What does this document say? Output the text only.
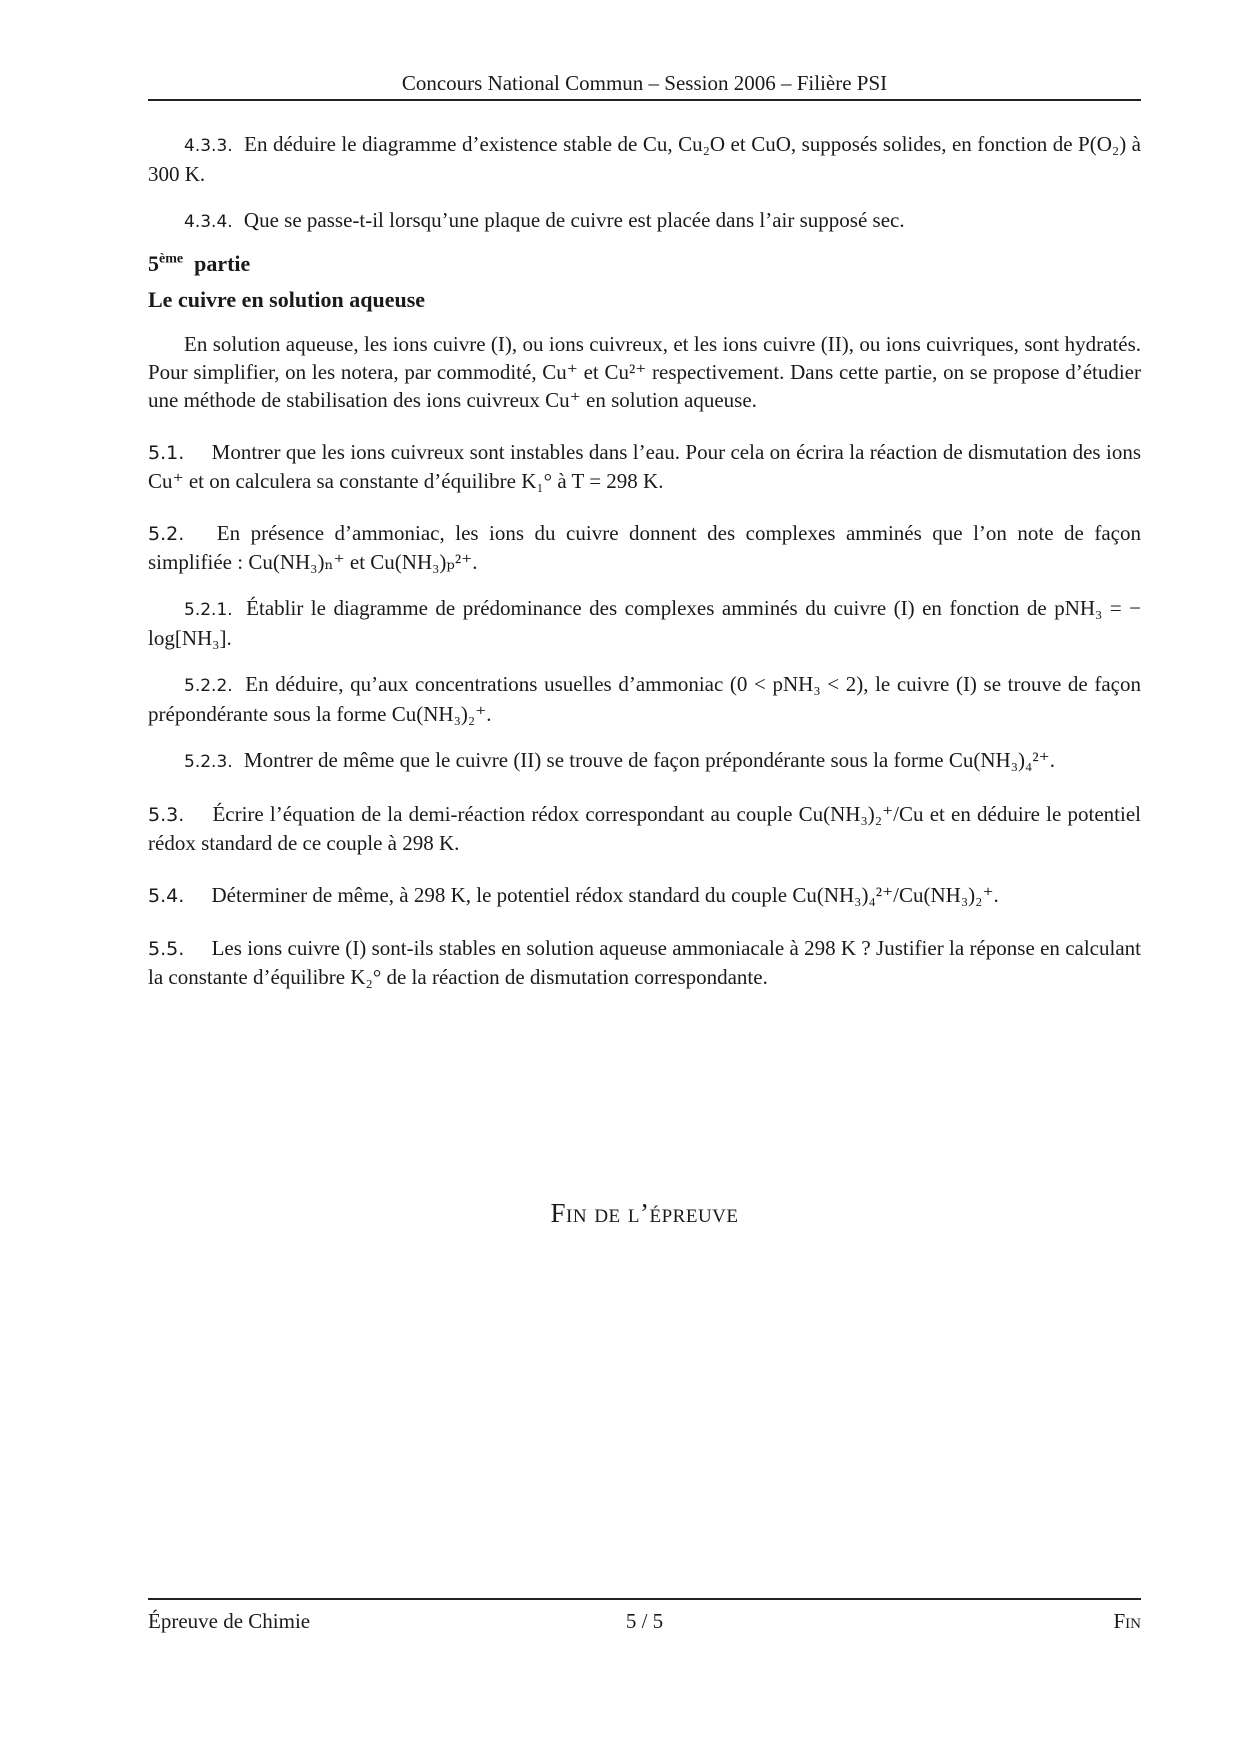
Concours National Commun – Session 2006 – Filière PSI

4.3.3. En déduire le diagramme d’existence stable de Cu, Cu₂O et CuO, supposés solides, en fonction de P(O₂) à 300 K.

4.3.4. Que se passe-t-il lorsqu’une plaque de cuivre est placée dans l’air supposé sec.

5ème partie

Le cuivre en solution aqueuse

En solution aqueuse, les ions cuivre (I), ou ions cuivreux, et les ions cuivre (II), ou ions cuivriques, sont hydratés. Pour simplifier, on les notera, par commodité, Cu⁺ et Cu²⁺ respectivement. Dans cette partie, on se propose d’étudier une méthode de stabilisation des ions cuivreux Cu⁺ en solution aqueuse.

5.1. Montrer que les ions cuivreux sont instables dans l’eau. Pour cela on écrira la réaction de dismutation des ions Cu⁺ et on calculera sa constante d’équilibre K₁° à T = 298 K.

5.2. En présence d’ammoniac, les ions du cuivre donnent des complexes amminés que l’on note de façon simplifiée : Cu(NH₃)ₙ⁺ et Cu(NH₃)ₚ²⁺.

5.2.1. Établir le diagramme de prédominance des complexes amminés du cuivre (I) en fonction de pNH₃ = − log[NH₃].

5.2.2. En déduire, qu’aux concentrations usuelles d’ammoniac (0 < pNH₃ < 2), le cuivre (I) se trouve de façon prépondérante sous la forme Cu(NH₃)₂⁺.

5.2.3. Montrer de même que le cuivre (II) se trouve de façon prépondérante sous la forme Cu(NH₃)₄²⁺.

5.3. Écrire l’équation de la demi-réaction rédox correspondant au couple Cu(NH₃)₂⁺/Cu et en déduire le potentiel rédox standard de ce couple à 298 K.

5.4. Déterminer de même, à 298 K, le potentiel rédox standard du couple Cu(NH₃)₄²⁺/Cu(NH₃)₂⁺.

5.5. Les ions cuivre (I) sont-ils stables en solution aqueuse ammoniacale à 298 K ? Justifier la réponse en calculant la constante d’équilibre K₂° de la réaction de dismutation correspondante.

Fin de l’épreuve
Épreuve de Chimie	5 / 5	Fin
